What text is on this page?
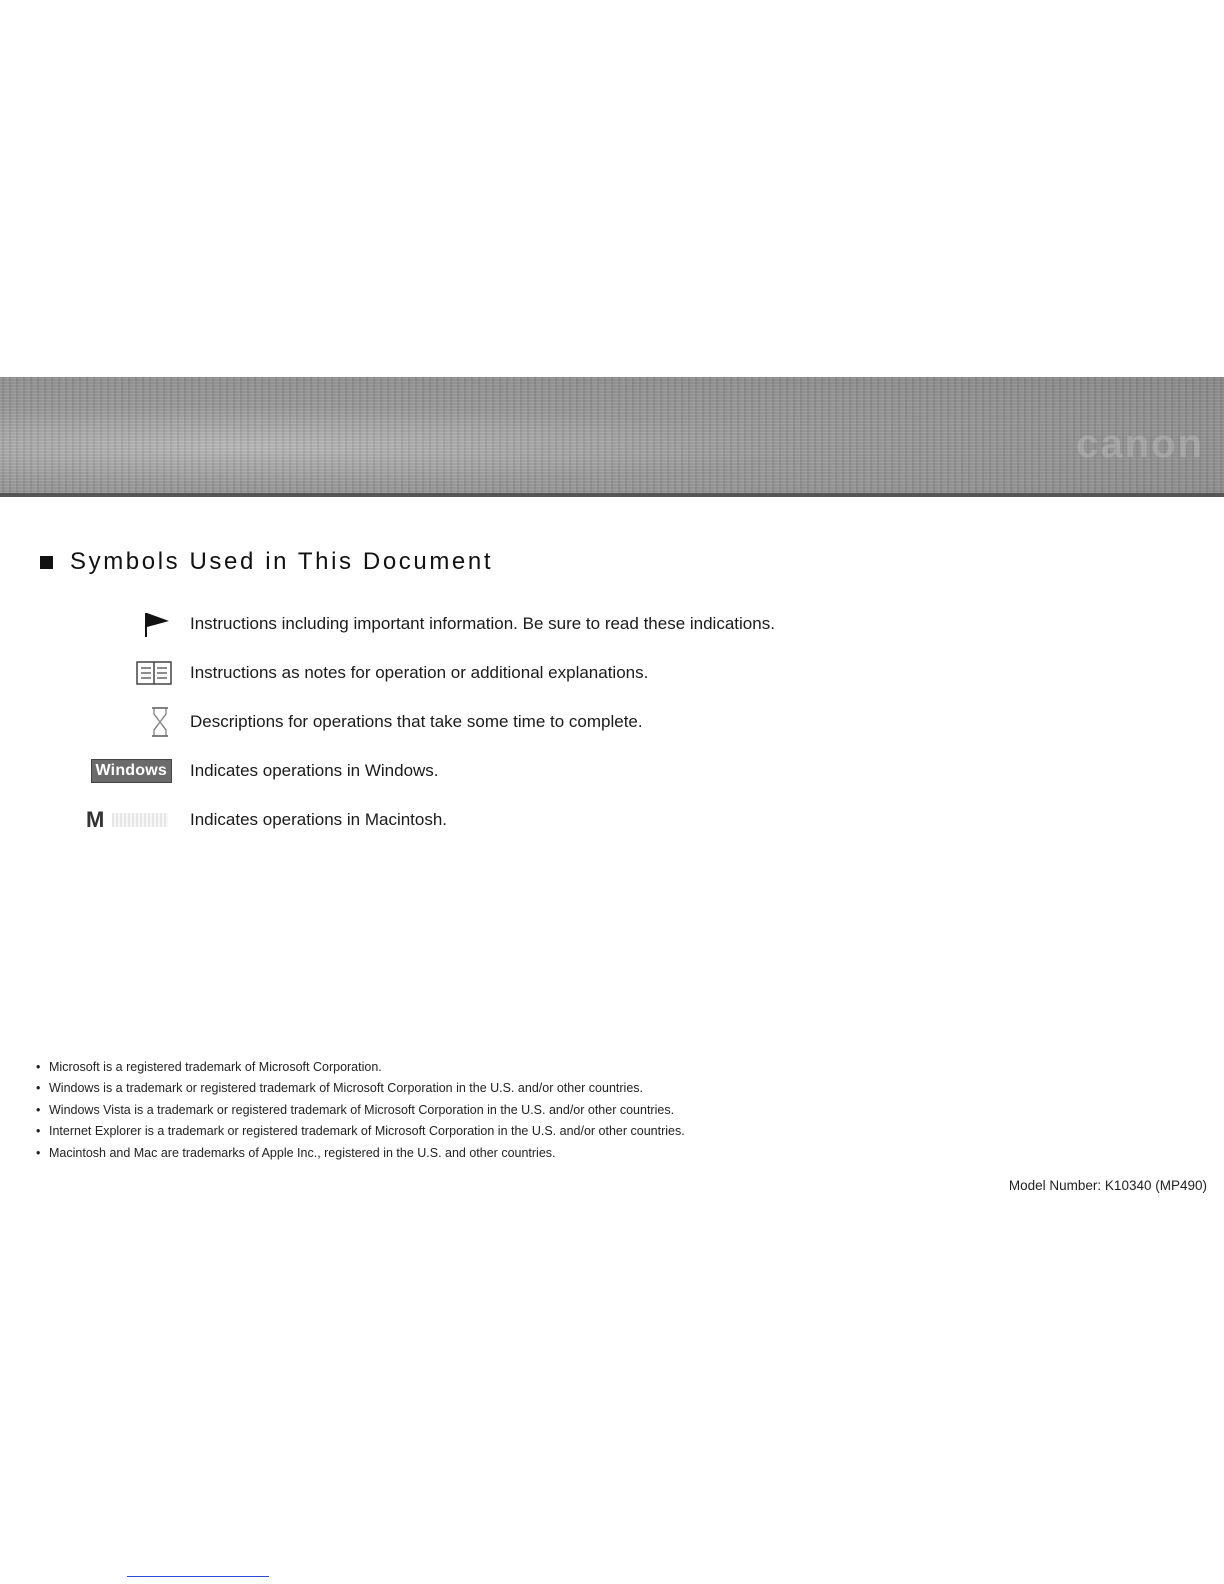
canon
Symbols Used in This Document
Instructions including important information. Be sure to read these indications.
Instructions as notes for operation or additional explanations.
Descriptions for operations that take some time to complete.
Windows Indicates operations in Windows.
M	Indicates operations in Macintosh.
• Microsoft is a registered trademark of Microsoft Corporation.
• Windows is a trademark or registered trademark of Microsoft Corporation in the U.S. and/or other countries.
• Windows Vista is a trademark or registered trademark of Microsoft Corporation in the U.S. and/or other countries.
• Internet Explorer is a trademark or registered trademark of Microsoft Corporation in the U.S. and/or other countries.
• Macintosh and Mac are trademarks of Apple Inc., registered in the U.S. and other countries.
Model Number: K10340 (MP490)
